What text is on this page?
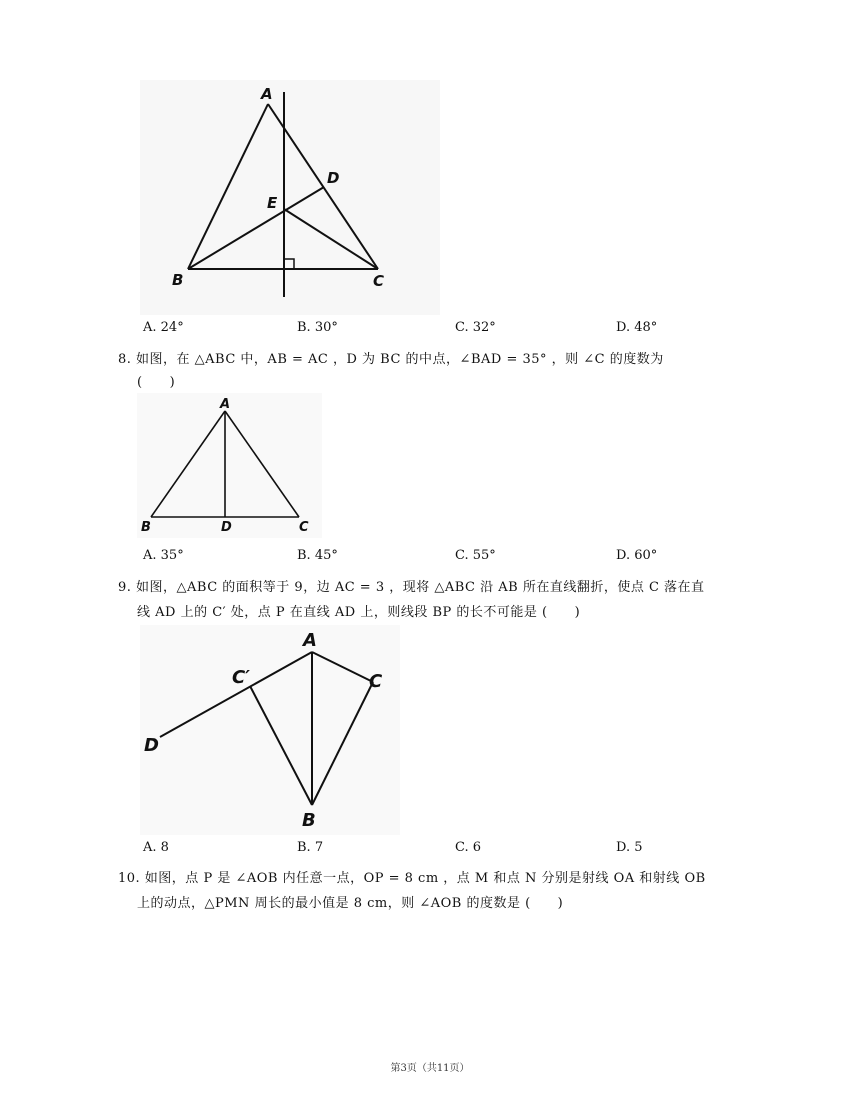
A
B	C
D
E
A. 24°	B. 30°	C. 32°	D. 48°
8. 如图，在 △ABC 中，AB = AC ，D 为 BC 的中点，∠BAD = 35° ，则 ∠C 的度数为
(　　)
A
B	D	C
A. 35°	B. 45°	C. 55°	D. 60°
9. 如图，△ABC 的面积等于 9，边 AC = 3 ，现将 △ABC 沿 AB 所在直线翻折，使点 C 落在直
线 AD 上的 C′ 处，点 P 在直线 AD 上，则线段 BP 的长不可能是 (　　)
A
C′	C
D
B
A. 8	B. 7	C. 6	D. 5
10. 如图，点 P 是 ∠AOB 内任意一点，OP = 8 cm ，点 M 和点 N 分别是射线 OA 和射线 OB
上的动点，△PMN 周长的最小值是 8 cm，则 ∠AOB 的度数是 (　　)
第3页（共11页）
